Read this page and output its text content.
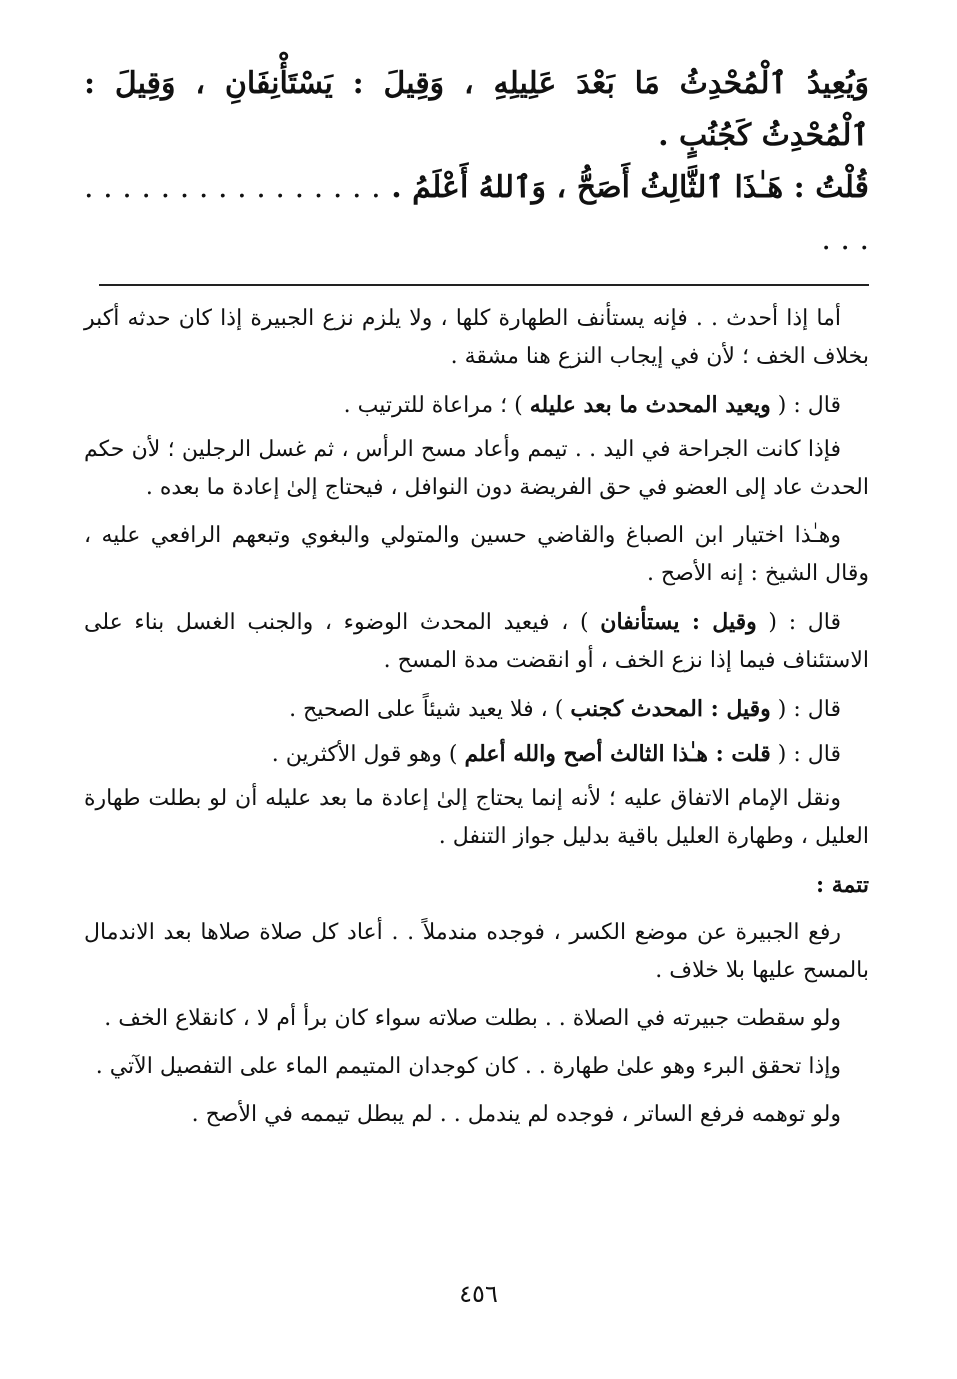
وَيُعِيدُ ٱلْمُحْدِثُ مَا بَعْدَ عَلِيلِهِ ، وَقِيلَ : يَسْتَأْنِفَانِ ، وَقِيلَ : ٱلْمُحْدِثُ كَجُنُبٍ .

قُلْتُ : هَـٰذَا ٱلثَّالِثُ أَصَحُّ ، وَٱللهُ أَعْلَمُ . . . . . . . . . . . . . . . . . . . .

أما إذا أحدث . . فإنه يستأنف الطهارة كلها ، ولا يلزم نزع الجبيرة إذا كان حدثه أكبر بخلاف الخف ؛ لأن في إيجاب النزع هنا مشقة .

قال : ( ويعيد المحدث ما بعد عليله ) ؛ مراعاة للترتيب .

فإذا كانت الجراحة في اليد . . تيمم وأعاد مسح الرأس ، ثم غسل الرجلين ؛ لأن حكم الحدث عاد إلى العضو في حق الفريضة دون النوافل ، فيحتاج إلىٰ إعادة ما بعده .

وهـٰذا اختيار ابن الصباغ والقاضي حسين والمتولي والبغوي وتبعهم الرافعي عليه ، وقال الشيخ : إنه الأصح .

قال : ( وقيل : يستأنفان ) ، فيعيد المحدث الوضوء ، والجنب الغسل بناء على الاستئناف فيما إذا نزع الخف ، أو انقضت مدة المسح .

قال : ( وقيل : المحدث كجنب ) ، فلا يعيد شيئاً على الصحيح .

قال : ( قلت : هـٰذا الثالث أصح والله أعلم ) وهو قول الأكثرين .

ونقل الإمام الاتفاق عليه ؛ لأنه إنما يحتاج إلىٰ إعادة ما بعد عليله أن لو بطلت طهارة العليل ، وطهارة العليل باقية بدليل جواز التنفل .

تتمة :

رفع الجبيرة عن موضع الكسر ، فوجده مندملاً . . أعاد كل صلاة صلاها بعد الاندمال بالمسح عليها بلا خلاف .

ولو سقطت جبيرته في الصلاة . . بطلت صلاته سواء كان برأ أم لا ، كانقلاع الخف .

وإذا تحقق البرء وهو علىٰ طهارة . . كان كوجدان المتيمم الماء على التفصيل الآتي .

ولو توهمه فرفع الساتر ، فوجده لم يندمل . . لم يبطل تيممه في الأصح .

٤٥٦
